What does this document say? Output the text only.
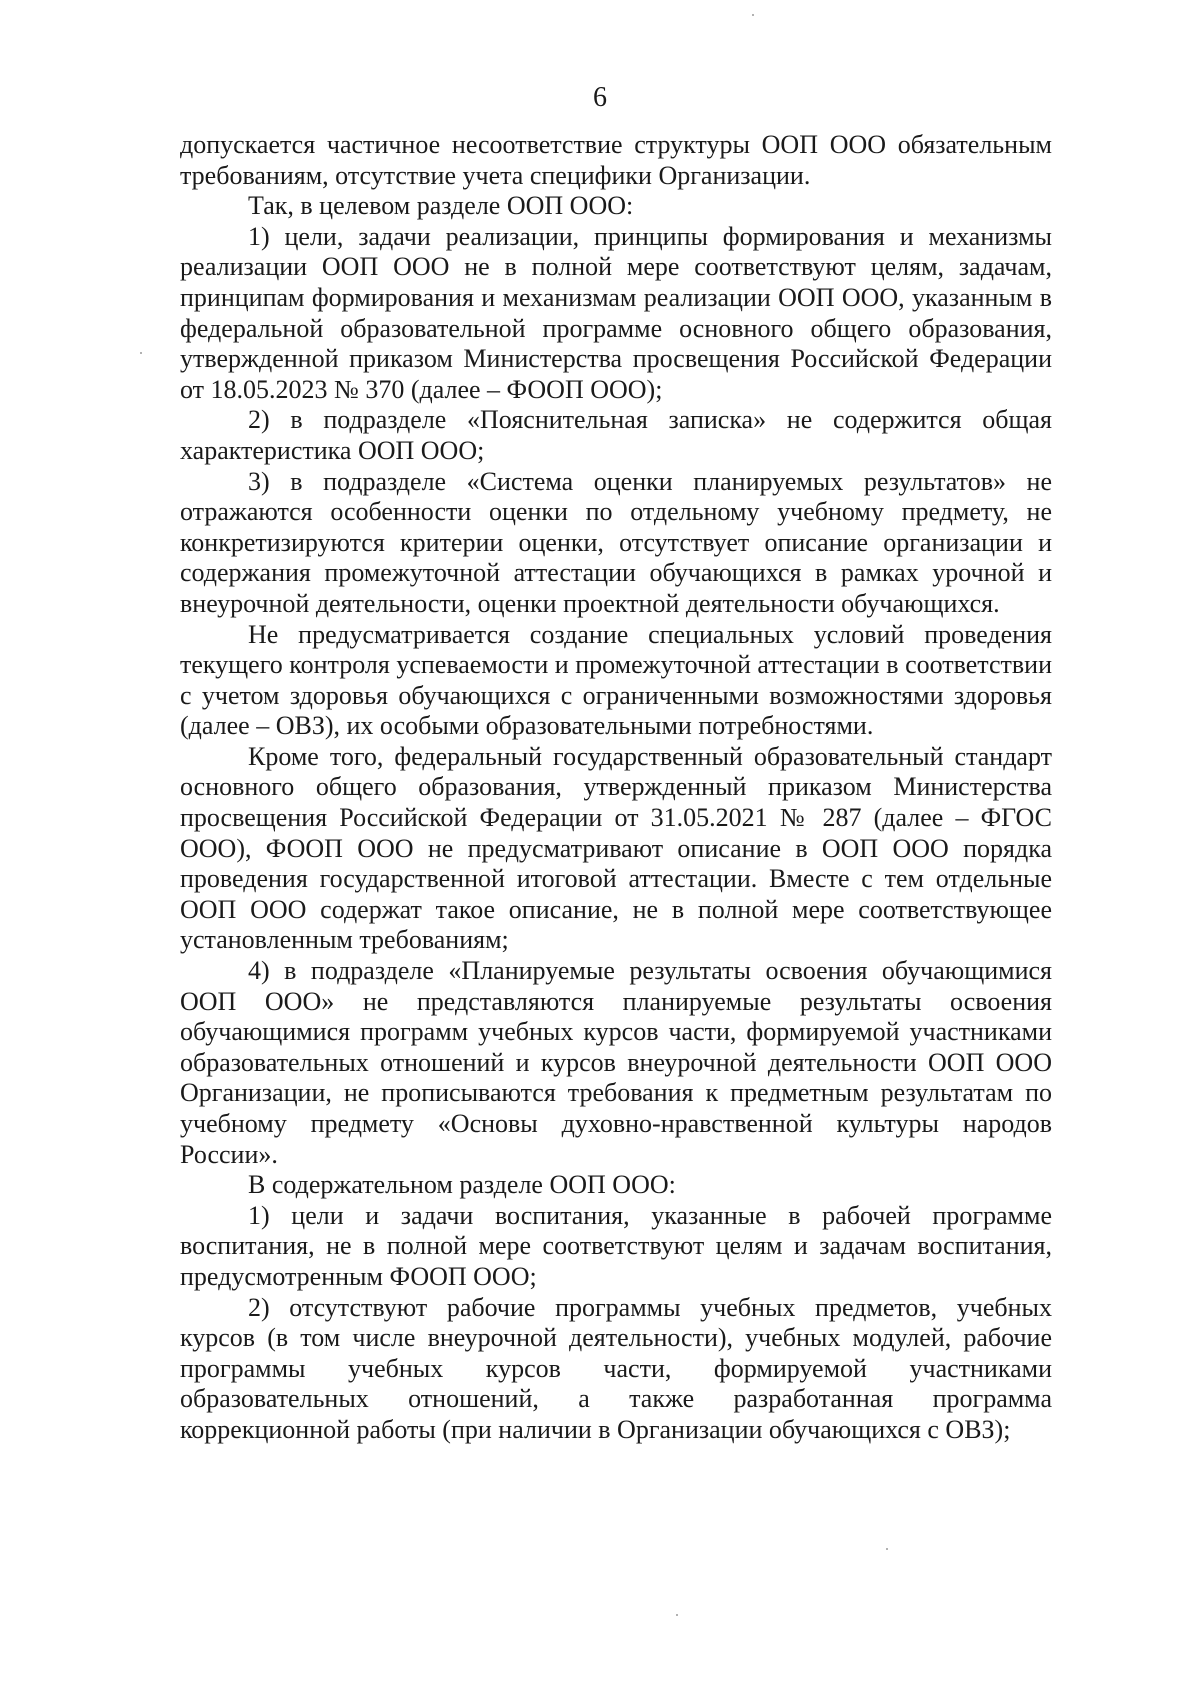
6

допускается частичное несоответствие структуры ООП ООО обязательным требованиям, отсутствие учета специфики Организации.

Так, в целевом разделе ООП ООО:

1) цели, задачи реализации, принципы формирования и механизмы реализации ООП ООО не в полной мере соответствуют целям, задачам, принципам формирования и механизмам реализации ООП ООО, указанным в федеральной образовательной программе основного общего образования, утвержденной приказом Министерства просвещения Российской Федерации от 18.05.2023 № 370 (далее – ФООП ООО);

2) в подразделе «Пояснительная записка» не содержится общая характеристика ООП ООО;

3) в подразделе «Система оценки планируемых результатов» не отражаются особенности оценки по отдельному учебному предмету, не конкретизируются критерии оценки, отсутствует описание организации и содержания промежуточной аттестации обучающихся в рамках урочной и внеурочной деятельности, оценки проектной деятельности обучающихся.

Не предусматривается создание специальных условий проведения текущего контроля успеваемости и промежуточной аттестации в соответствии с учетом здоровья обучающихся с ограниченными возможностями здоровья (далее – ОВЗ), их особыми образовательными потребностями.

Кроме того, федеральный государственный образовательный стандарт основного общего образования, утвержденный приказом Министерства просвещения Российской Федерации от 31.05.2021 № 287 (далее – ФГОС ООО), ФООП ООО не предусматривают описание в ООП ООО порядка проведения государственной итоговой аттестации. Вместе с тем отдельные ООП ООО содержат такое описание, не в полной мере соответствующее установленным требованиям;

4) в подразделе «Планируемые результаты освоения обучающимися ООП ООО» не представляются планируемые результаты освоения обучающимися программ учебных курсов части, формируемой участниками образовательных отношений и курсов внеурочной деятельности ООП ООО Организации, не прописываются требования к предметным результатам по учебному предмету «Основы духовно-нравственной культуры народов России».

В содержательном разделе ООП ООО:

1) цели и задачи воспитания, указанные в рабочей программе воспитания, не в полной мере соответствуют целям и задачам воспитания, предусмотренным ФООП ООО;

2) отсутствуют рабочие программы учебных предметов, учебных курсов (в том числе внеурочной деятельности), учебных модулей, рабочие программы учебных курсов части, формируемой участниками образовательных отношений, а также разработанная программа коррекционной работы (при наличии в Организации обучающихся с ОВЗ);
